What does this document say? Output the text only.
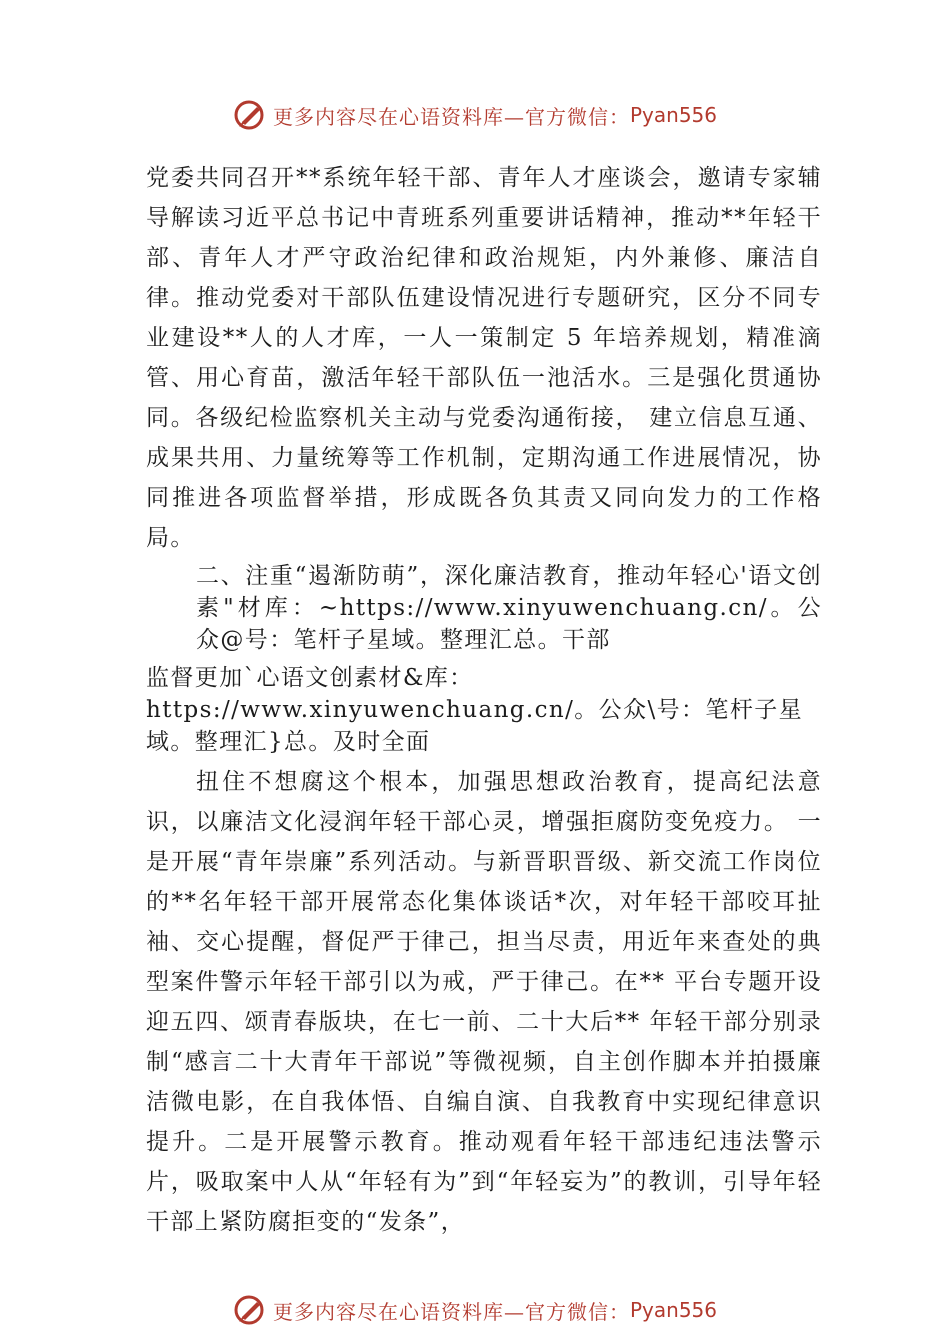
更多内容尽在心语资料库—官方微信： Pyan556

党委共同召开**系统年轻干部、青年人才座谈会，邀请专家辅导解读习近平总书记中青班系列重要讲话精神，推动**年轻干部、青年人才严守政治纪律和政治规矩，内外兼修、廉洁自律。推动党委对干部队伍建设情况进行专题研究，区分不同专业建设**人的人才库，一人一策制定 5 年培养规划，精准滴管、用心育苗，激活年轻干部队伍一池活水。三是强化贯通协同。各级纪检监察机关主动与党委沟通衔接， 建立信息互通、成果共用、力量统筹等工作机制，定期沟通工作进展情况，协同推进各项监督举措，形成既各负其责又同向发力的工作格局。

二、注重“遏渐防萌”，深化廉洁教育，推动年轻心'语文创素"材库：~https://www.xinyuwenchuang.cn/。公众@号：笔杆子星域。整理汇总。干部

监督更加`心语文创素材&库：https://www.xinyuwenchuang.cn/。公众\号：笔杆子星域。整理汇}总。及时全面

扭住不想腐这个根本，加强思想政治教育，提高纪法意识，以廉洁文化浸润年轻干部心灵，增强拒腐防变免疫力。 一是开展“青年崇廉”系列活动。与新晋职晋级、新交流工作岗位的**名年轻干部开展常态化集体谈话*次，对年轻干部咬耳扯袖、交心提醒，督促严于律己，担当尽责，用近年来查处的典型案件警示年轻干部引以为戒，严于律己。在** 平台专题开设迎五四、颂青春版块，在七一前、二十大后** 年轻干部分别录制“感言二十大青年干部说”等微视频，自主创作脚本并拍摄廉洁微电影，在自我体悟、自编自演、自我教育中实现纪律意识提升。二是开展警示教育。推动观看年轻干部违纪违法警示片，吸取案中人从“年轻有为”到“年轻妄为”的教训，引导年轻干部上紧防腐拒变的“发条”，

更多内容尽在心语资料库—官方微信： Pyan556
